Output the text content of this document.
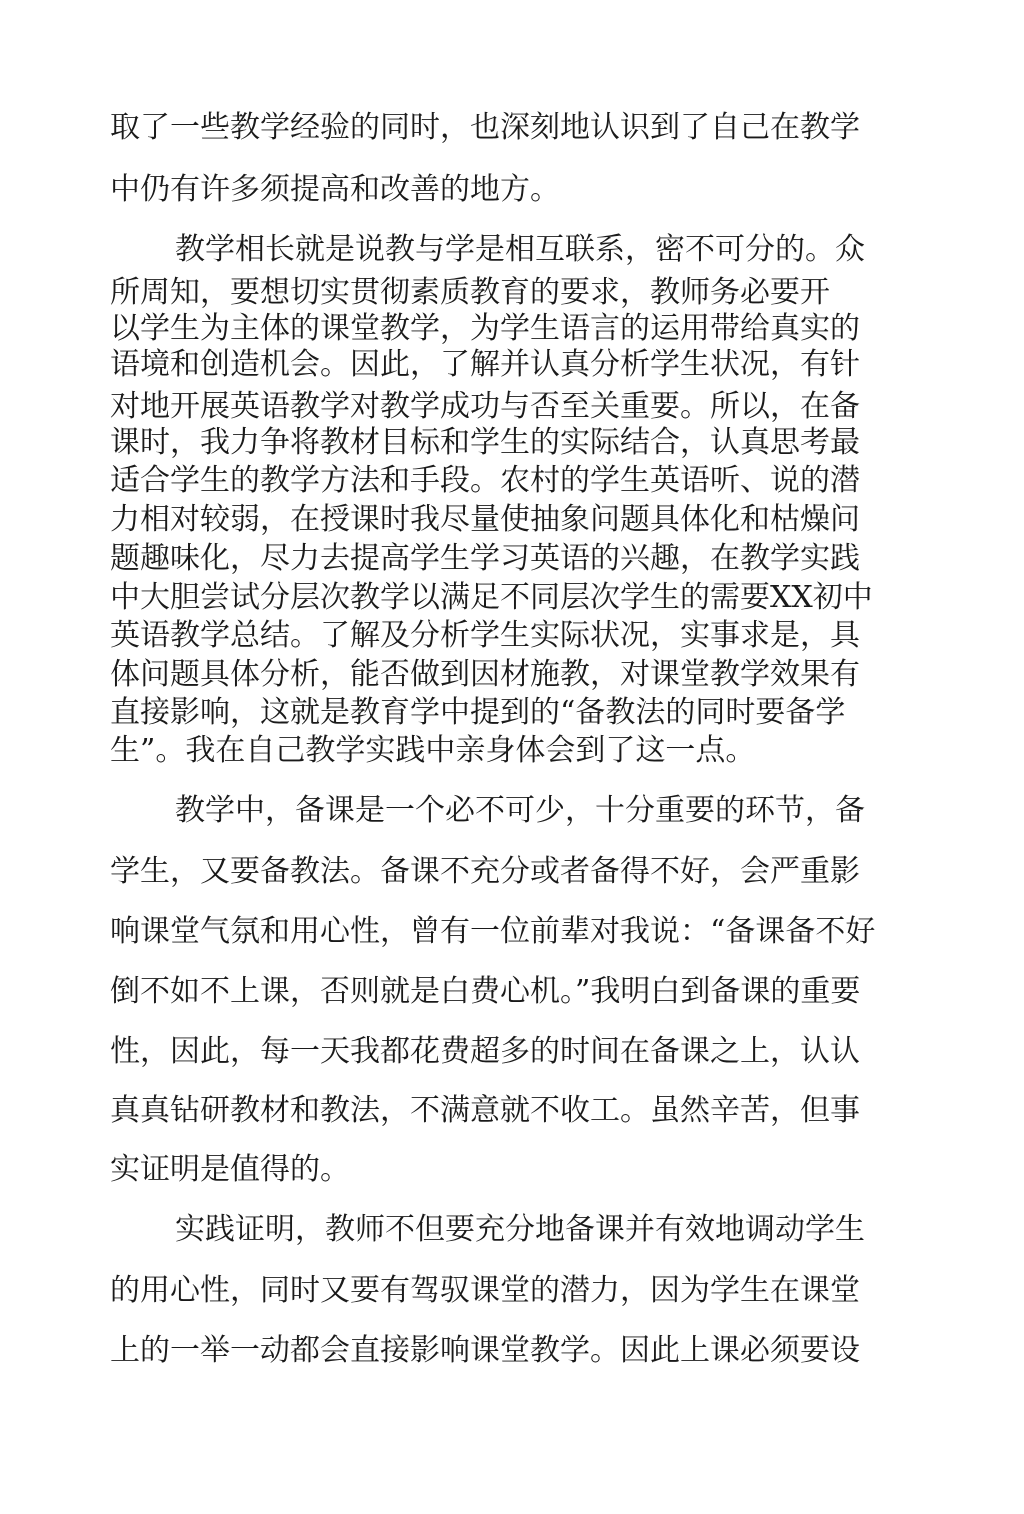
取了一些教学经验的同时，也深刻地认识到了自己在教学
中仍有许多须提高和改善的地方。
教学相长就是说教与学是相互联系，密不可分的。众
所周知，要想切实贯彻素质教育的要求，教师务必要开
以学生为主体的课堂教学，为学生语言的运用带给真实的
语境和创造机会。因此，了解并认真分析学生状况，有针
对地开展英语教学对教学成功与否至关重要。所以，在备
课时，我力争将教材目标和学生的实际结合，认真思考最
适合学生的教学方法和手段。农村的学生英语听、说的潜
力相对较弱，在授课时我尽量使抽象问题具体化和枯燥问
题趣味化，尽力去提高学生学习英语的兴趣，在教学实践
中大胆尝试分层次教学以满足不同层次学生的需要XX初中
英语教学总结。了解及分析学生实际状况，实事求是，具
体问题具体分析，能否做到因材施教，对课堂教学效果有
直接影响，这就是教育学中提到的“备教法的同时要备学
生”。我在自己教学实践中亲身体会到了这一点。
教学中，备课是一个必不可少，十分重要的环节，备
学生，又要备教法。备课不充分或者备得不好，会严重影
响课堂气氛和用心性，曾有一位前辈对我说：“备课备不好
倒不如不上课，否则就是白费心机。”我明白到备课的重要
性，因此，每一天我都花费超多的时间在备课之上，认认
真真钻研教材和教法，不满意就不收工。虽然辛苦，但事
实证明是值得的。
实践证明，教师不但要充分地备课并有效地调动学生
的用心性，同时又要有驾驭课堂的潜力，因为学生在课堂
上的一举一动都会直接影响课堂教学。因此上课必须要设
